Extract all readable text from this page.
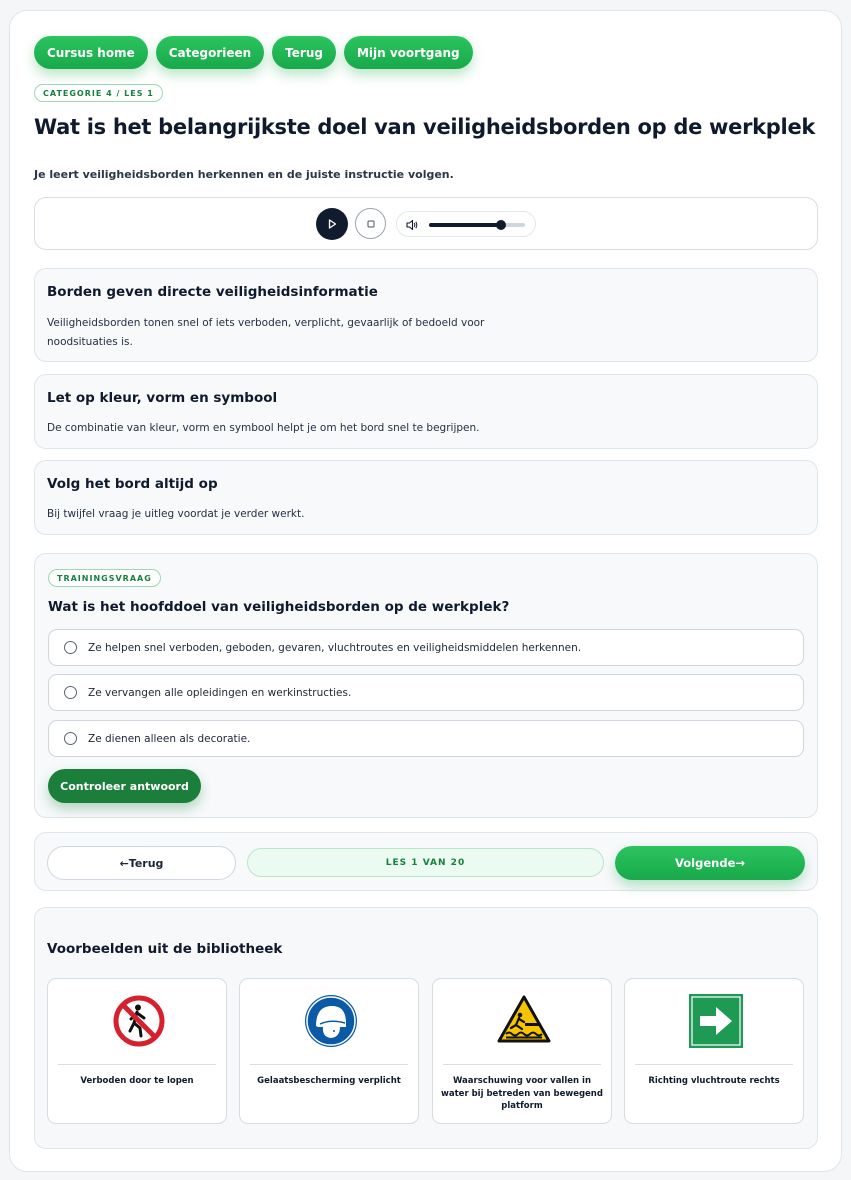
Cursus home	Categorieen	Terug	Mijn voortgang
CATEGORIE 4 / LES 1
Wat is het belangrijkste doel van veiligheidsborden op de werkplek
Je leert veiligheidsborden herkennen en de juiste instructie volgen.
Borden geven directe veiligheidsinformatie
Veiligheidsborden tonen snel of iets verboden, verplicht, gevaarlijk of bedoeld voor noodsituaties is.
Let op kleur, vorm en symbool
De combinatie van kleur, vorm en symbool helpt je om het bord snel te begrijpen.
Volg het bord altijd op
Bij twijfel vraag je uitleg voordat je verder werkt.
TRAININGSVRAAG
Wat is het hoofddoel van veiligheidsborden op de werkplek?
Ze helpen snel verboden, geboden, gevaren, vluchtroutes en veiligheidsmiddelen herkennen.
Ze vervangen alle opleidingen en werkinstructies.
Ze dienen alleen als decoratie.
Controleer antwoord
←Terug	LES 1 VAN 20	Volgende→
Voorbeelden uit de bibliotheek
Verboden door te lopen	Gelaatsbescherming verplicht	Waarschuwing voor vallen in water bij betreden van bewegend platform
Richting vluchtroute rechts
